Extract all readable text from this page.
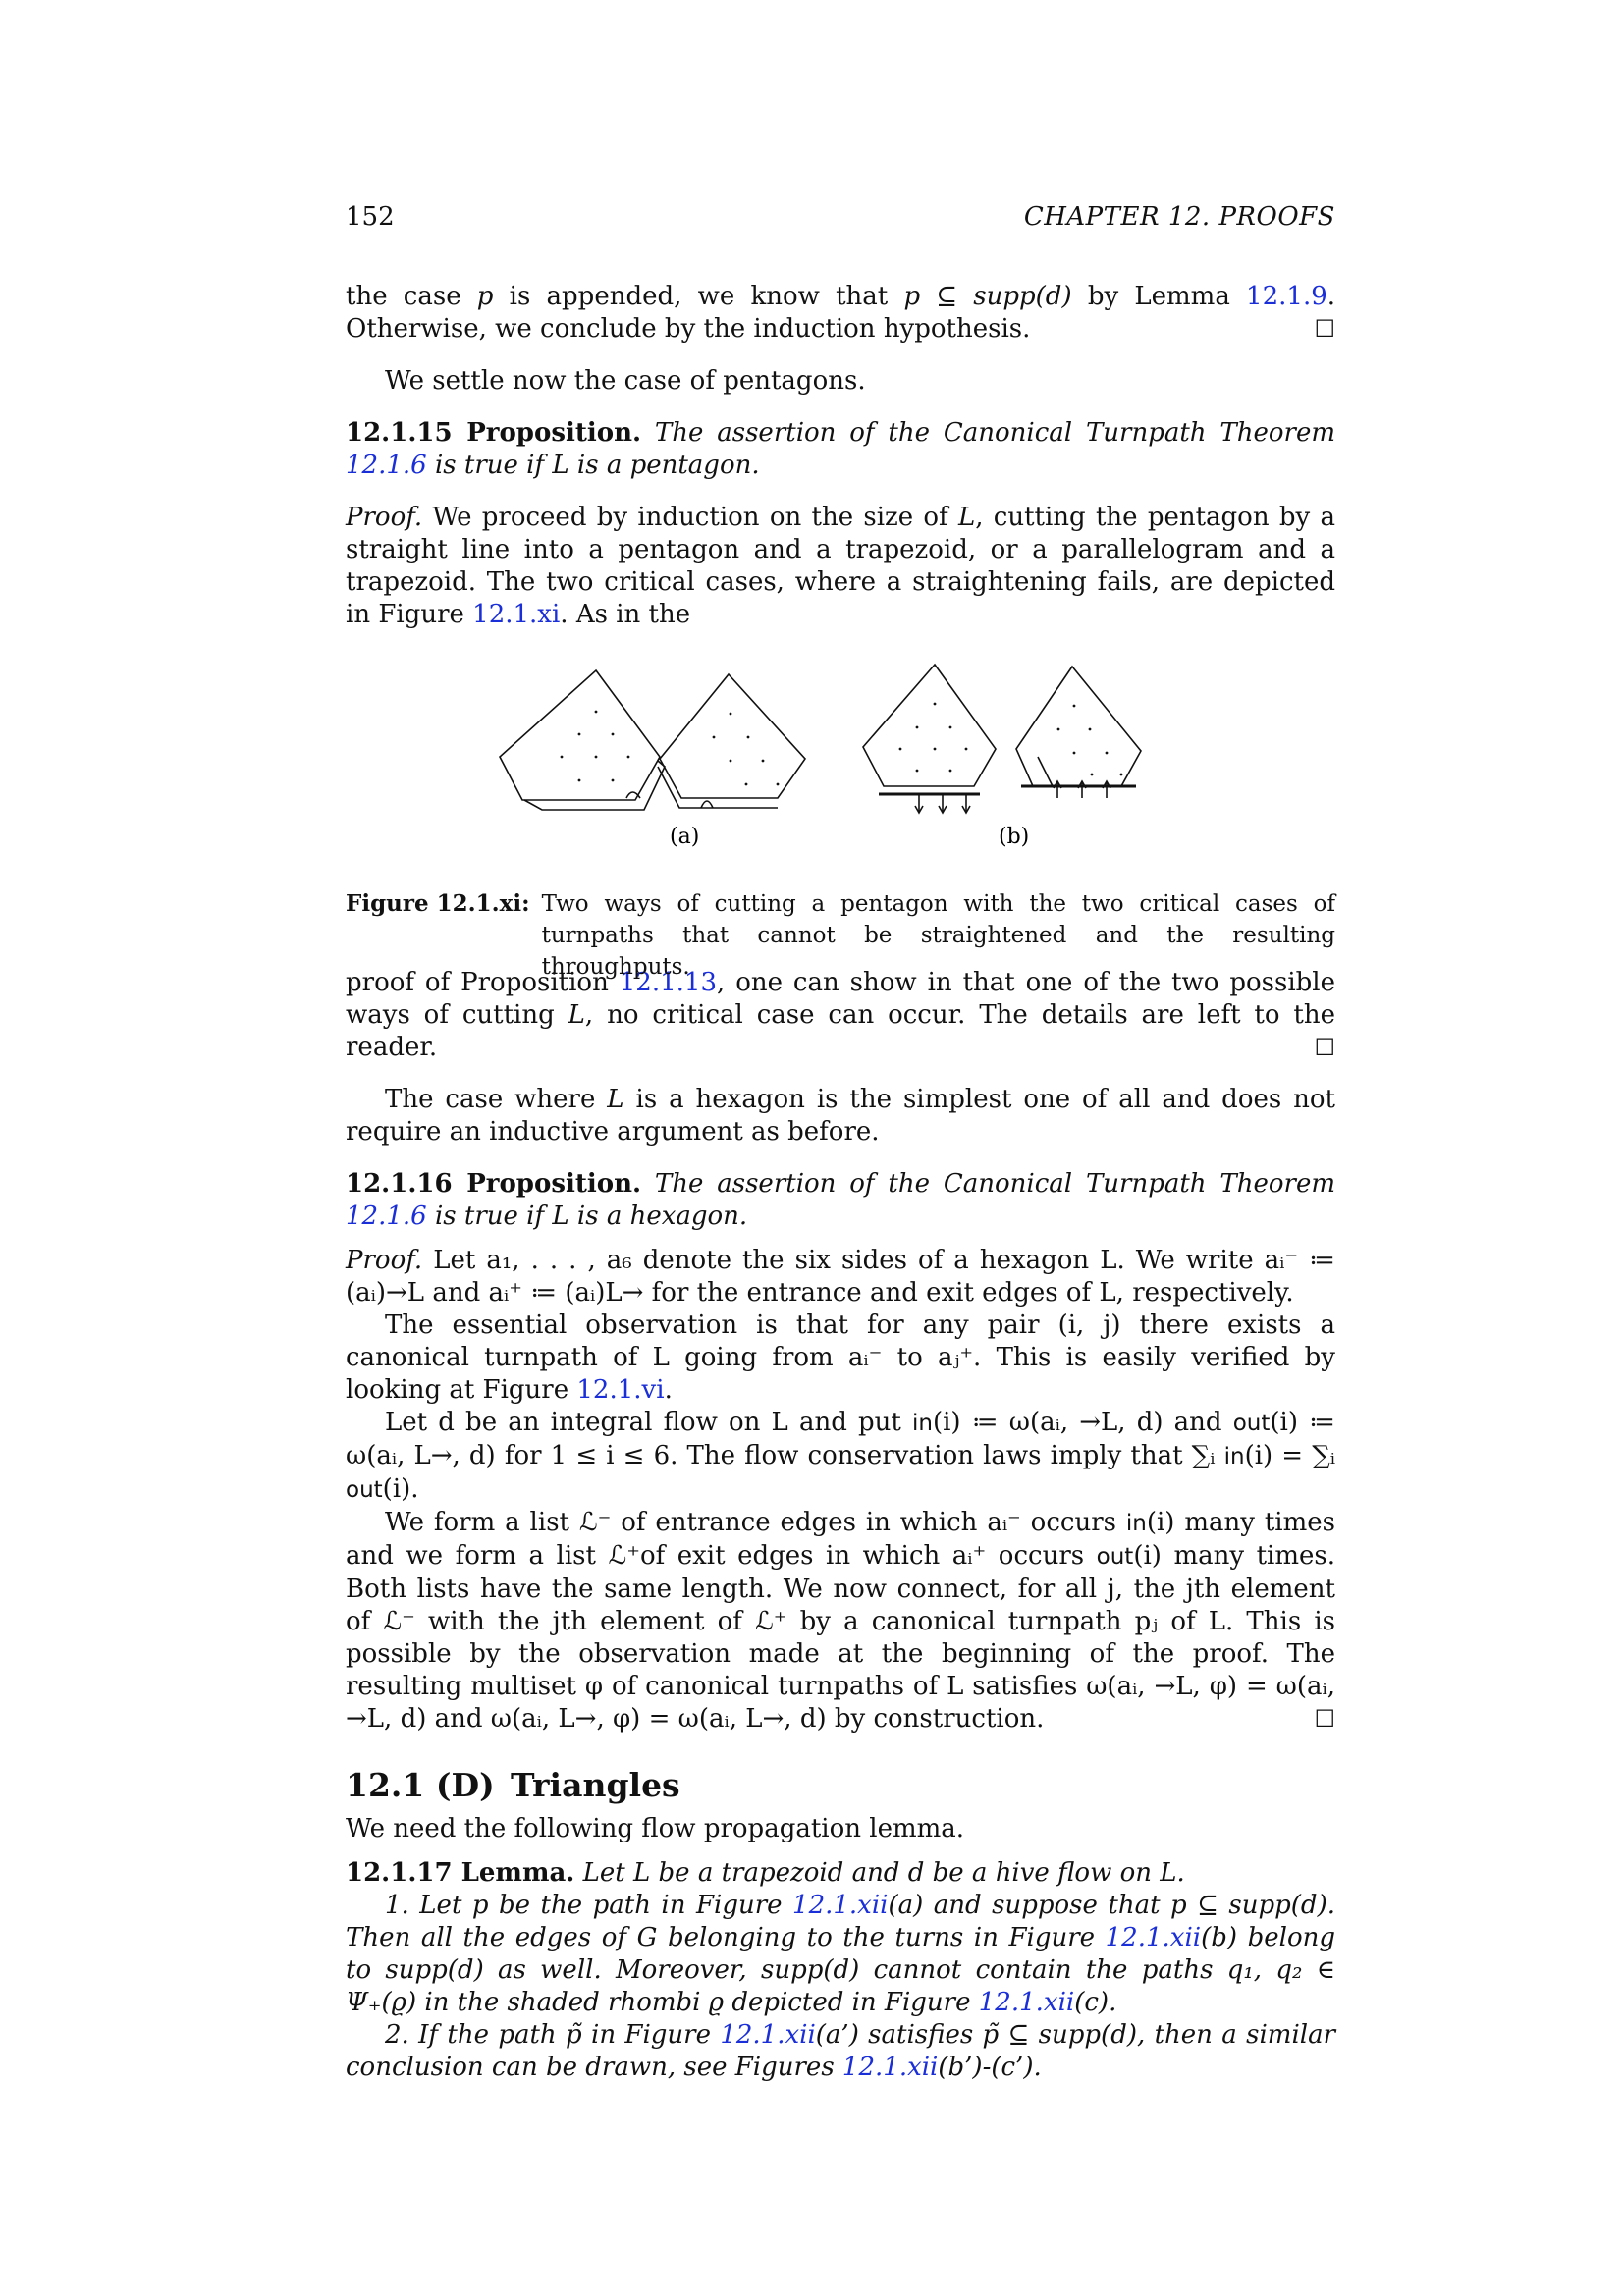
152	CHAPTER 12. PROOFS

the case p is appended, we know that p ⊆ supp(d) by Lemma 12.1.9. Otherwise, we conclude by the induction hypothesis.	☐

We settle now the case of pentagons.

12.1.15 Proposition. The assertion of the Canonical Turnpath Theorem 12.1.6 is true if L is a pentagon.

Proof. We proceed by induction on the size of L, cutting the pentagon by a straight line into a pentagon and a trapezoid, or a parallelogram and a trapezoid. The two critical cases, where a straightening fails, are depicted in Figure 12.1.xi. As in the

(a)	(b)
Figure 12.1.xi: Two ways of cutting a pentagon with the two critical cases of turnpaths that cannot be straightened and the resulting throughputs.

proof of Proposition 12.1.13, one can show in that one of the two possible ways of cutting L, no critical case can occur. The details are left to the reader.	☐

The case where L is a hexagon is the simplest one of all and does not require an inductive argument as before.

12.1.16 Proposition. The assertion of the Canonical Turnpath Theorem 12.1.6 is true if L is a hexagon.

Proof. Let a₁, . . . , a₆ denote the six sides of a hexagon L. We write aᵢ⁻ ≔ (aᵢ)→L and aᵢ⁺ ≔ (aᵢ)L→ for the entrance and exit edges of L, respectively.

The essential observation is that for any pair (i, j) there exists a canonical turnpath of L going from aᵢ⁻ to aⱼ⁺. This is easily verified by looking at Figure 12.1.vi.

Let d be an integral flow on L and put in(i) ≔ ω(aᵢ, →L, d) and out(i) ≔ ω(aᵢ, L→, d) for 1 ≤ i ≤ 6. The flow conservation laws imply that ∑ᵢ in(i) = ∑ᵢ out(i).

We form a list ℒ⁻ of entrance edges in which aᵢ⁻ occurs in(i) many times and we form a list ℒ⁺of exit edges in which aᵢ⁺ occurs out(i) many times. Both lists have the same length. We now connect, for all j, the jth element of ℒ⁻ with the jth element of ℒ⁺ by a canonical turnpath pⱼ of L. This is possible by the observation made at the beginning of the proof. The resulting multiset φ of canonical turnpaths of L satisfies ω(aᵢ, →L, φ) = ω(aᵢ, →L, d) and ω(aᵢ, L→, φ) = ω(aᵢ, L→, d) by construction.	☐

12.1 (D) Triangles

We need the following flow propagation lemma.

12.1.17 Lemma. Let L be a trapezoid and d be a hive flow on L.

1. Let p be the path in Figure 12.1.xii(a) and suppose that p ⊆ supp(d). Then all the edges of G belonging to the turns in Figure 12.1.xii(b) belong to supp(d) as well. Moreover, supp(d) cannot contain the paths q₁, q₂ ∈ Ψ₊(ϱ) in the shaded rhombi ϱ depicted in Figure 12.1.xii(c).

2. If the path p̃ in Figure 12.1.xii(a’) satisfies p̃ ⊆ supp(d), then a similar conclusion can be drawn, see Figures 12.1.xii(b’)-(c’).
